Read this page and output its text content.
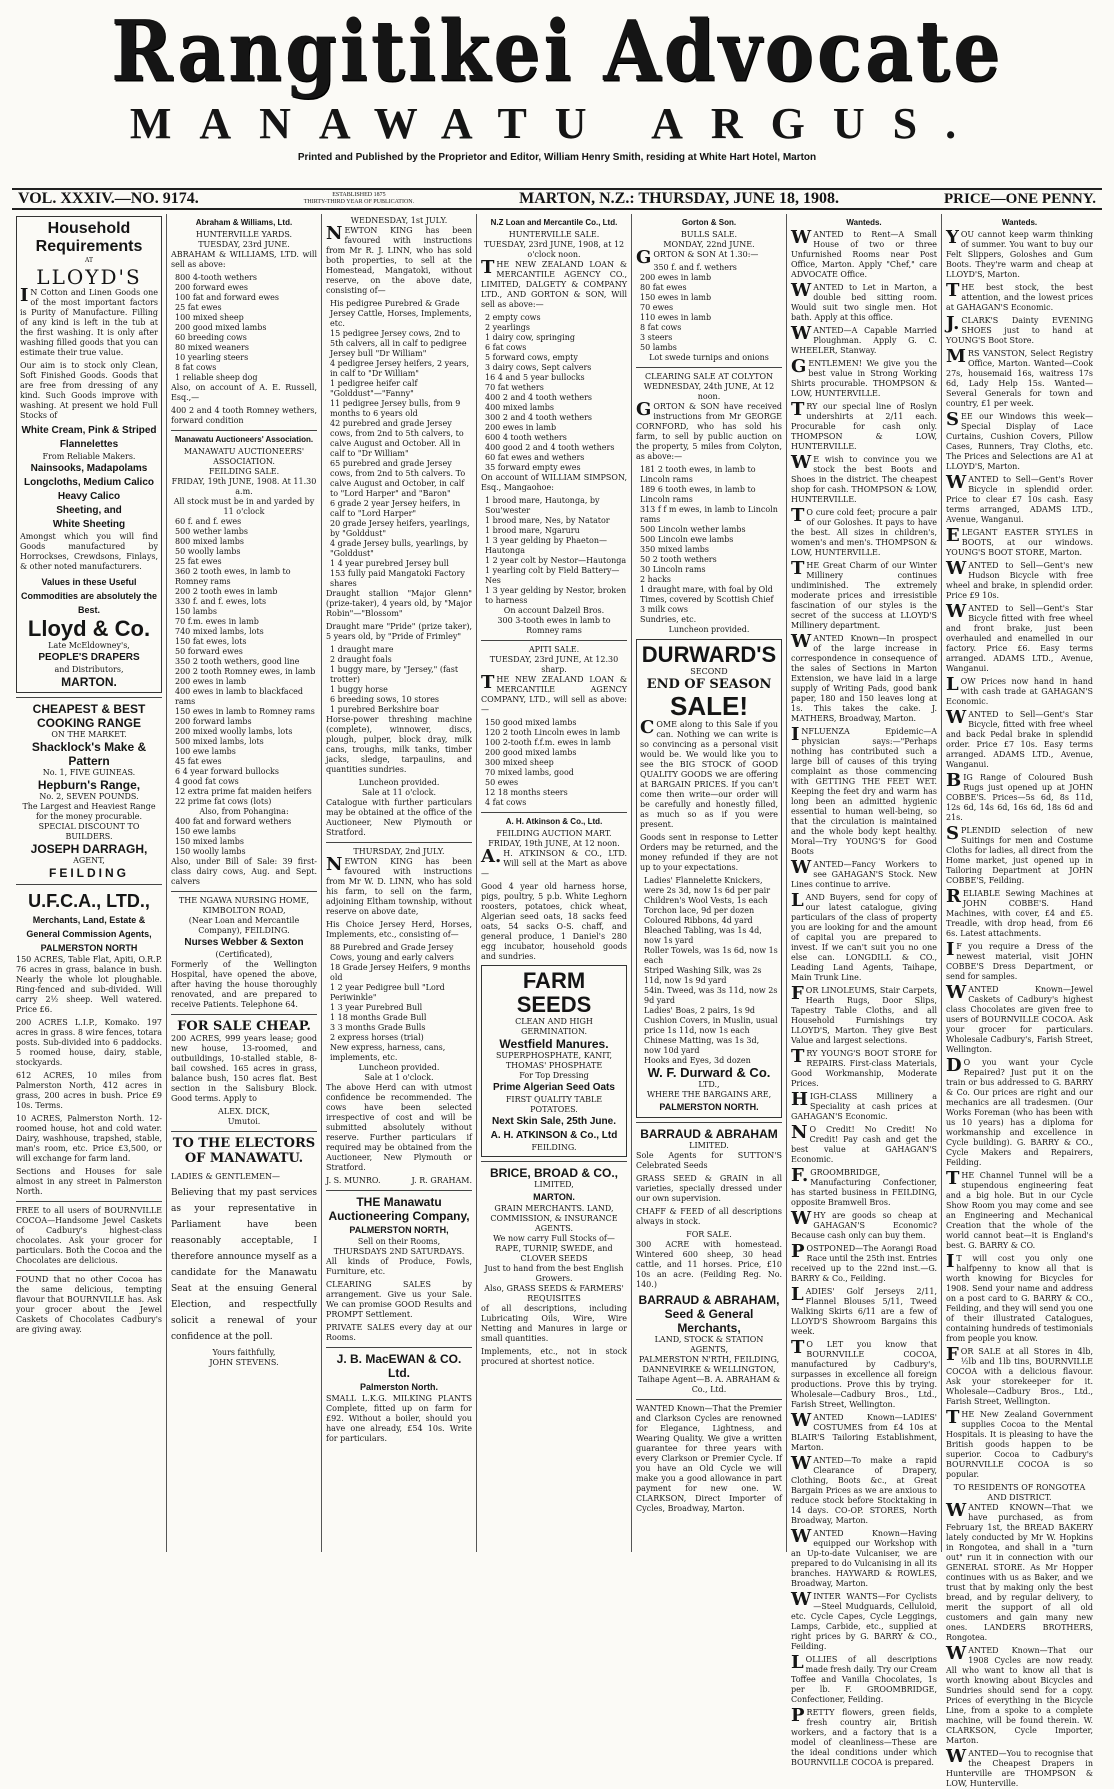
Rangitikei Advocate
MANAWATU ARGUS.
Printed and Published by the Proprietor and Editor, William Henry Smith, residing at White Hart Hotel, Marton
VOL. XXXIV.—NO. 9174.	ESTABLISHED 1875
THIRTY-THIRD YEAR OF PUBLICATION.	MARTON, N.Z.: THURSDAY, JUNE 18, 1908.	PRICE—ONE PENNY.
Household Requirements
AT
LLOYD'S

IN Cotton and Linen Goods one of the most important factors is Purity of Manufacture. Filling of any kind is left in the tub at the first washing. It is only after washing filled goods that you can estimate their true value.

Our aim is to stock only Clean, Soft Finished Goods. Goods that are free from dressing of any kind. Such Goods improve with washing. At present we hold Full Stocks of

White Cream, Pink & Striped Flannelettes
From Reliable Makers.
Nainsooks, Madapolams
Longcloths, Medium Calico
Heavy Calico
Sheeting, and
White Sheeting

Amongst which you will find Goods manufactured by Horrockses, Crewdsons, Finlays, & other noted manufacturers.

Values in these Useful Commodities are absolutely the Best.
Lloyd & Co.
Late McEldowney's,
PEOPLE'S DRAPERS
and Distributors,
MARTON.
CHEAPEST & BEST COOKING RANGE
ON THE MARKET.
Shacklock's Make & Pattern
No. 1, FIVE GUINEAS.
Hepburn's Range,
No. 2, SEVEN POUNDS.
The Largest and Heaviest Range for the money procurable.
SPECIAL DISCOUNT TO BUILDERS.
JOSEPH DARRAGH,
AGENT,
FEILDING
U.F.C.A., LTD.,
Merchants, Land, Estate & General Commission Agents,
PALMERSTON NORTH

150 ACRES, Table Flat, Apiti, O.R.P. 76 acres in grass, balance in bush. Nearly the whole lot ploughable. Ring-fenced and sub-divided. Will carry 2½ sheep. Well watered. Price £6.

200 ACRES L.I.P., Komako. 197 acres in grass. 8 wire fences, totara posts. Sub-divided into 6 paddocks. 5 roomed house, dairy, stable, stockyards.

612 ACRES, 10 miles from Palmerston North, 412 acres in grass, 200 acres in bush. Price £9 10s. Terms.

10 ACRES, Palmerston North. 12-roomed house, hot and cold water. Dairy, washhouse, trapshed, stable, man's room, etc. Price £3,500, or will exchange for farm land.

Sections and Houses for sale almost in any street in Palmerston North.

FREE to all users of BOURNVILLE COCOA—Handsome Jewel Caskets of Cadbury's highest-class chocolates. Ask your grocer for particulars. Both the Cocoa and the Chocolates are delicious.

FOUND that no other Cocoa has the same delicious, tempting flavour that BOURNVILLE has. Ask your grocer about the Jewel Caskets of Chocolates Cadbury's are giving away.

Abraham & Williams, Ltd.
HUNTERVILLE YARDS.
TUESDAY, 23rd JUNE.

ABRAHAM & WILLIAMS, LTD. will sell as above:

800 4-tooth wethers
200 forward ewes
100 fat and forward ewes
25 fat ewes
100 mixed sheep
200 good mixed lambs
60 breeding cows
80 mixed weaners
10 yearling steers
8 fat cows
1 reliable sheep dog

Also, on account of A. E. Russell, Esq.,—

400 2 and 4 tooth Romney wethers, forward condition

Manawatu Auctioneers' Association.
MANAWATU AUCTIONEERS' ASSOCIATION.
FEILDING SALE.
FRIDAY, 19th JUNE, 1908. At 11.30 a.m.
All stock must be in and yarded by 11 o'clock
60 f. and f. ewes
500 wether lambs
800 mixed lambs
50 woolly lambs
25 fat ewes
360 2 tooth ewes, in lamb to Romney rams
200 2 tooth ewes in lamb
330 f. and f. ewes, lots
150 lambs
70 f.m. ewes in lamb
740 mixed lambs, lots
150 fat ewes, lots
50 forward ewes
350 2 tooth wethers, good line
200 2 tooth Romney ewes, in lamb
200 ewes in lamb
400 ewes in lamb to blackfaced rams
150 ewes in lamb to Romney rams
200 forward lambs
200 mixed woolly lambs, lots
500 mixed lambs, lots
100 ewe lambs
45 fat ewes
6 4 year forward bullocks
4 good fat cows
12 extra prime fat maiden heifers
22 prime fat cows (lots)
Also, from Pohangina:
400 fat and forward wethers
150 ewe lambs
150 mixed lambs
150 woolly lambs

Also, under Bill of Sale: 39 first-class dairy cows, Aug. and Sept. calvers

THE NGAWA NURSING HOME, KIMBOLTON ROAD,
(Near Loan and Mercantile Company), FEILDING.
Nurses Webber & Sexton
(Certificated),

Formerly of the Wellington Hospital, have opened the above, after having the house thoroughly renovated, and are prepared to receive Patients. Telephone 64.

FOR SALE CHEAP.

200 ACRES, 999 years lease; good new house, 13-roomed, and outbuildings, 10-stalled stable, 8-bail cowshed. 165 acres in grass, balance bush, 150 acres flat. Best section in the Salisbury Block. Good terms. Apply to

ALEX. DICK,
Umutoi.
TO THE ELECTORS OF MANAWATU.

LADIES & GENTLEMEN—

Believing that my past services as your representative in Parliament have been reasonably acceptable, I therefore announce myself as a candidate for the Manawatu Seat at the ensuing General Election, and respectfully solicit a renewal of your confidence at the poll.

Yours faithfully,
JOHN STEVENS.
WEDNESDAY, 1st JULY.

NEWTON KING has been favoured with instructions from Mr R. J. LINN, who has sold both properties, to sell at the Homestead, Mangatoki, without reserve, on the above date, consisting of—

His pedigree Purebred & Grade Jersey Cattle, Horses, Implements, etc.
15 pedigree Jersey cows, 2nd to 5th calvers, all in calf to pedigree Jersey bull "Dr William"
4 pedigree Jersey heifers, 2 years, in calf to "Dr William"
1 pedigree heifer calf "Golddust"—"Fanny"
11 pedigree Jersey bulls, from 9 months to 6 years old
42 purebred and grade Jersey cows, from 2nd to 5th calvers, to calve August and October. All in calf to "Dr William"
65 purebred and grade Jersey cows, from 2nd to 5th calvers. To calve August and October, in calf to "Lord Harper" and "Baron"
6 grade 2 year Jersey heifers, in calf to "Lord Harper"
20 grade Jersey heifers, yearlings, by "Golddust"
4 grade Jersey bulls, yearlings, by "Golddust"
1 4 year purebred Jersey bull
153 fully paid Mangatoki Factory shares

Draught stallion "Major Glenn" (prize-taker), 4 years old, by "Major Robin"—"Blossom"

Draught mare "Pride" (prize taker), 5 years old, by "Pride of Frimley"

1 draught mare
2 draught foals
1 buggy mare, by "Jersey," (fast trotter)
1 buggy horse
6 breeding sows, 10 stores
1 purebred Berkshire boar

Horse-power threshing machine (complete), winnower, discs, plough, pulper, block dray, milk cans, troughs, milk tanks, timber jacks, sledge, tarpaulins, and quantities sundries.

Luncheon provided.
Sale at 11 o'clock.

Catalogue with further particulars may be obtained at the office of the Auctioneer, New Plymouth or Stratford.

THURSDAY, 2nd JULY.

NEWTON KING has been favoured with instructions from Mr W. D. LINN, who has sold his farm, to sell on the farm, adjoining Eltham township, without reserve on above date,

His Choice Jersey Herd, Horses, Implements, etc., consisting of—

88 Purebred and Grade Jersey Cows, young and early calvers
18 Grade Jersey Heifers, 9 months old
1 2 year Pedigree bull "Lord Periwinkle"
1 3 year Purebred Bull
1 18 months Grade Bull
3 3 months Grade Bulls
2 express horses (trial)
New express, harness, cans, implements, etc.
Luncheon provided.
Sale at 1 o'clock.

The above Herd can with utmost confidence be recommended. The cows have been selected irrespective of cost and will be submitted absolutely without reserve. Further particulars if required may be obtained from the Auctioneer, New Plymouth or Stratford.

J. S. MUNRO.	J. R. GRAHAM.
THE Manawatu Auctioneering Company,
PALMERSTON NORTH,
Sell on their Rooms,
THURSDAYS 2ND SATURDAYS.

All kinds of Produce, Fowls, Furniture, etc.

CLEARING SALES by arrangement. Give us your Sale. We can promise GOOD Results and PROMPT Settlement.

PRIVATE SALES every day at our Rooms.

J. B. MacEWAN & CO. Ltd.
Palmerston North.

SMALL L.K.G. MILKING PLANTS Complete, fitted up on farm for £92. Without a boiler, should you have one already, £54 10s. Write for particulars.

N.Z Loan and Mercantile Co., Ltd.
HUNTERVILLE SALE.
TUESDAY, 23rd JUNE, 1908, at 12 o'clock noon.

THE NEW ZEALAND LOAN & MERCANTILE AGENCY CO., LIMITED, DALGETY & COMPANY LTD., AND GORTON & SON, Will sell as above:—

2 empty cows
2 yearlings
1 dairy cow, springing
6 fat cows
5 forward cows, empty
3 dairy cows, Sept calvers
16 4 and 5 year bullocks
70 fat wethers
400 2 and 4 tooth wethers
400 mixed lambs
300 2 and 4 tooth wethers
200 ewes in lamb
600 4 tooth wethers
400 good 2 and 4 tooth wethers
60 fat ewes and wethers
35 forward empty ewes

On account of WILLIAM SIMPSON, Esq., Mangaohoe:

1 brood mare, Hautonga, by Sou'wester
1 brood mare, Nes, by Natator
1 brood mare, Ngaruru
1 3 year gelding by Phaeton—Hautonga
1 2 year colt by Nestor—Hautonga
1 yearling colt by Field Battery—Nes
1 3 year gelding by Nestor, broken to harness
On account Dalzeil Bros.
300 3-tooth ewes in lamb to Romney rams
APITI SALE.
TUESDAY, 23rd JUNE, At 12.30 sharp.

THE NEW ZEALAND LOAN & MERCANTILE AGENCY COMPANY, LTD., will sell as above:—

150 good mixed lambs
120 2 tooth Lincoln ewes in lamb
100 2-tooth f.f.m. ewes in lamb
200 good mixed lambs
300 mixed sheep
70 mixed lambs, good
50 ewes
12 18 months steers
4 fat cows
A. H. Atkinson & Co., Ltd.
FEILDING AUCTION MART.
FRIDAY, 19th JUNE, At 12 noon.

A.H. ATKINSON & CO., LTD. Will sell at the Mart as above—

Good 4 year old harness horse, pigs, poultry, 5 p.b. White Leghorn roosters, potatoes, chick wheat, Algerian seed oats, 18 sacks feed oats, 54 sacks O-S. chaff, and general produce, 1 Daniel's 280 egg incubator, household goods and sundries.

FARM SEEDS
CLEAN AND HIGH GERMINATION.
Westfield Manures.
SUPERPHOSPHATE, KANIT, THOMAS' PHOSPHATE
For Top Dressing
Prime Algerian Seed Oats
FIRST QUALITY TABLE POTATOES.
Next Skin Sale, 25th June.
A. H. ATKINSON & Co., Ltd
FEILDING.
BRICE, BROAD & CO.,
LIMITED,
MARTON.
GRAIN MERCHANTS. LAND, COMMISSION, & INSURANCE AGENTS.
We now carry Full Stocks of—
RAPE, TURNIP, SWEDE, and CLOVER SEEDS
Just to hand from the best English Growers.
Also, GRASS SEEDS & FARMERS' REQUISITES

of all descriptions, including Lubricating Oils, Wire, Wire Netting and Manures in large or small quantities.

Implements, etc., not in stock procured at shortest notice.

Gorton & Son.
BULLS SALE.
MONDAY, 22nd JUNE.

GORTON & SON At 1.30:—

350 f. and f. wethers
200 ewes in lamb
80 fat ewes
150 ewes in lamb
70 ewes
110 ewes in lamb
8 fat cows
3 steers
50 lambs
Lot swede turnips and onions
CLEARING SALE AT COLYTON
WEDNESDAY, 24th JUNE, At 12 noon.

GORTON & SON have received instructions from Mr GEORGE CORNFORD, who has sold his farm, to sell by public auction on the property, 5 miles from Colyton, as above:—

181 2 tooth ewes, in lamb to Lincoln rams
189 6 tooth ewes, in lamb to Lincoln rams
313 f f m ewes, in lamb to Lincoln rams
500 Lincoln wether lambs
500 Lincoln ewe lambs
350 mixed lambs
50 2 tooth wethers
30 Lincoln rams
2 hacks
1 draught mare, with foal by Old Times, covered by Scottish Chief
3 milk cows
Sundries, etc.
Luncheon provided.
DURWARD'S
SECOND
END OF SEASON
SALE!

COME along to this Sale if you can. Nothing we can write is so convincing as a personal visit would be. We would like you to see the BIG STOCK of GOOD QUALITY GOODS we are offering at BARGAIN PRICES. If you can't come then write—our order will be carefully and honestly filled, as much so as if you were present.

Goods sent in response to Letter Orders may be returned, and the money refunded if they are not up to your expectations.

Ladies' Flannelette Knickers, were 2s 3d, now 1s 6d per pair
Children's Wool Vests, 1s each
Torchon lace, 9d per dozen
Coloured Ribbons, 4d yard
Bleached Tabling, was 1s 4d, now 1s yard
Roller Towels, was 1s 6d, now 1s each
Striped Washing Silk, was 2s 11d, now 1s 9d yard
54in. Tweed, was 3s 11d, now 2s 9d yard
Ladies' Boas, 2 pairs, 1s 9d
Cushion Covers, in Muslin, usual price 1s 11d, now 1s each
Chinese Matting, was 1s 3d, now 10d yard
Hooks and Eyes, 3d dozen
W. F. Durward & Co.
LTD.,
WHERE THE BARGAINS ARE,
PALMERSTON NORTH.
BARRAUD & ABRAHAM
LIMITED.

Sole Agents for SUTTON'S Celebrated Seeds

GRASS SEED & GRAIN in all varieties, specially dressed under our own supervision.

CHAFF & FEED of all descriptions always in stock.

FOR SALE.

300 ACRE with homestead. Wintered 600 sheep, 30 head cattle, and 11 horses. Price, £10 10s an acre. (Feilding Reg. No. 140.)

BARRAUD & ABRAHAM,
Seed & General Merchants,
LAND, STOCK & STATION AGENTS,
PALMERSTON N'RTH, FEILDING, DANNEVIRKE & WELLINGTON,
Taihape Agent—B. A. ABRAHAM & Co., Ltd.

WANTED Known—That the Premier and Clarkson Cycles are renowned for Elegance, Lightness, and Wearing Quality. We give a written guarantee for three years with every Clarkson or Premier Cycle. If you have an Old Cycle we will make you a good allowance in part payment for new one. W. CLARKSON, Direct Importer of Cycles, Broadway, Marton.

Wanteds.

WANTED to Rent—A Small House of two or three Unfurnished Rooms near Post Office, Marton. Apply "Chef," care ADVOCATE Office.

WANTED to Let in Marton, a double bed sitting room. Would suit two single men. Hot bath. Apply at this office.

WANTED—A Capable Married Ploughman. Apply G. C. WHEELER, Stanway.

GENTLEMEN! We give you the best value in Strong Working Shirts procurable. THOMPSON & LOW, HUNTERVILLE.

TRY our special line of Roslyn undershirts at 2/11 each. Procurable for cash only. THOMPSON & LOW, HUNTERVILLE.

WE wish to convince you we stock the best Boots and Shoes in the district. The cheapest shop for cash. THOMPSON & LOW, HUNTERVILLE.

TO cure cold feet; procure a pair of our Goloshes. It pays to have the best. All sizes in children's, women's and men's. THOMPSON & LOW, HUNTERVILLE.

THE Great Charm of our Winter Millinery continues undiminished. The extremely moderate prices and irresistible fascination of our styles is the secret of the success at LLOYD'S Millinery department.

WANTED Known—In prospect of the large increase in correspondence in consequence of the sales of Sections in Marton Extension, we have laid in a large supply of Writing Pads, good bank paper, 180 and 150 leaves long at 1s. This takes the cake. J. MATHERS, Broadway, Marton.

INFLUENZA Epidemic—A physician says:—"Perhaps nothing has contributed such a large bill of causes of this trying complaint as those commencing with GETTING THE FEET WET. Keeping the feet dry and warm has long been an admitted hygienic essential to human well-being, so that the circulation is maintained and the whole body kept healthy. Moral—Try YOUNG'S for Good Boots

WANTED—Fancy Workers to see GAHAGAN'S Stock. New Lines continue to arrive.

LAND Buyers, send for copy of our latest catalogue, giving particulars of the class of property you are looking for and the amount of capital you are prepared to invest. If we can't suit you no one else can. LONGDILL & CO., Leading Land Agents, Taihape, Main Trunk Line.

FOR LINOLEUMS, Stair Carpets, Hearth Rugs, Door Slips, Tapestry Table Cloths, and all Household Furnishings try LLOYD'S, Marton. They give Best Value and largest selections.

TRY YOUNG'S BOOT STORE for REPAIRS. First-class Materials, Good Workmanship, Moderate Prices.

HIGH-CLASS Millinery a Speciality at cash prices at GAHAGAN'S Economic.

NO Credit! No Credit! No Credit! Pay cash and get the best value at GAHAGAN'S Economic.

F.GROOMBRIDGE, Manufacturing Confectioner, has started business in FEILDING, opposite Bramwell Bros.

WHY are goods so cheap at GAHAGAN'S Economic? Because cash only can buy them.

POSTPONED—The Aorangi Road Race until the 25th inst. Entries received up to the 22nd inst.—G. BARRY & Co., Feilding.

LADIES' Golf Jerseys 2/11, Flannel Blouses 5/11, Tweed Walking Skirts 6/11 are a few of LLOYD'S Showroom Bargains this week.

TO LET you know that BOURNVILLE COCOA, manufactured by Cadbury's, surpasses in excellence all foreign productions. Prove this by trying. Wholesale—Cadbury Bros., Ltd., Farish Street, Wellington.

WANTED Known—LADIES' COSTUMES from £4 10s at BLAIR'S Tailoring Establishment, Marton.

WANTED—To make a rapid Clearance of Drapery, Clothing, Boots &c., at Great Bargain Prices as we are anxious to reduce stock before Stocktaking in 14 days. CO-OP. STORES, North Broadway, Marton.

WANTED Known—Having equipped our Workshop with an Up-to-date Vulcaniser, we are prepared to do Vulcanising in all its branches. HAYWARD & ROWLES, Broadway, Marton.

WINTER WANTS—For Cyclists—Steel Mudguards, Celluloid, etc. Cycle Capes, Cycle Leggings, Lamps, Carbide, etc., supplied at right prices by G. BARRY & CO., Feilding.

LOLLIES of all descriptions made fresh daily. Try our Cream Toffee and Vanilla Chocolates, 1s per lb. F. GROOMBRIDGE, Confectioner, Feilding.

PRETTY flowers, green fields, fresh country air, British workers, and a factory that is a model of cleanliness—These are the ideal conditions under which BOURNVILLE COCOA is prepared.

Wanteds.

YOU cannot keep warm thinking of summer. You want to buy our Felt Slippers, Goloshes and Gum Boots. They're warm and cheap at LLOYD'S, Marton.

THE best stock, the best attention, and the lowest prices at GAHAGAN'S Economic.

J.CLARK'S Dainty EVENING SHOES just to hand at YOUNG'S Boot Store.

MRS VANSTON, Select Registry Office, Marton. Wanted—Cook 27s, housemaid 16s, waitress 17s 6d, Lady Help 15s. Wanted—Several Generals for town and country, £1 per week.

SEE our Windows this week—Special Display of Lace Curtains, Cushion Covers, Pillow Cases, Runners, Tray Cloths, etc. The Prices and Selections are A1 at LLOYD'S, Marton.

WANTED to Sell—Gent's Rover Bicycle in splendid order. Price to clear £7 10s cash. Easy terms arranged, ADAMS LTD., Avenue, Wanganui.

ELEGANT EASTER STYLES in BOOTS, at our windows. YOUNG'S BOOT STORE, Marton.

WANTED to Sell—Gent's new Hudson Bicycle with free wheel and brake, in splendid order. Price £9 10s.

WANTED to Sell—Gent's Star Bicycle fitted with free wheel and front brake, just been overhauled and enamelled in our factory. Price £6. Easy terms arranged. ADAMS LTD., Avenue, Wanganui.

LOW Prices now hand in hand with cash trade at GAHAGAN'S Economic.

WANTED to Sell—Gent's Star Bicycle, fitted with free wheel and back Pedal brake in splendid order. Price £7 10s. Easy terms arranged. ADAMS LTD., Avenue, Wanganui.

BIG Range of Coloured Bush Rugs just opened up at JOHN COBBE'S. Prices—5s 6d, 8s 11d, 12s 6d, 14s 6d, 16s 6d, 18s 6d and 21s.

SPLENDID selection of new Suitings for men and Costume Cloths for ladies, all direct from the Home market, just opened up in Tailoring Department at JOHN COBBE'S, Feilding.

RELIABLE Sewing Machines at JOHN COBBE'S. Hand Machines, with cover, £4 and £5. Treadle, with drop head, from £6 6s. Latest attachments.

IF you require a Dress of the newest material, visit JOHN COBBE'S Dress Department, or send for samples.

WANTED Known—Jewel Caskets of Cadbury's highest class Chocolates are given free to users of BOURNVILLE COCOA. Ask your grocer for particulars. Wholesale Cadbury's, Farish Street, Wellington.

DO you want your Cycle Repaired? Just put it on the train or bus addressed to G. BARRY & Co. Our prices are right and our mechanics are all tradesmen. (Our Works Foreman (who has been with us 10 years) has a diploma for workmanship and excellence in Cycle building). G. BARRY & CO., Cycle Makers and Repairers, Feilding.

THE Channel Tunnel will be a stupendous engineering feat and a big hole. But in our Cycle Show Room you may come and see an Engineering and Mechanical Creation that the whole of the world cannot beat—it is England's best. G. BARRY & CO.

IT will cost you only one halfpenny to know all that is worth knowing for Bicycles for 1908. Send your name and address on a post card to G. BARRY & CO., Feilding, and they will send you one of their illustrated Catalogues, containing hundreds of testimonials from people you know.

FOR SALE at all Stores in 4lb, ½lb and 1lb tins, BOURNVILLE COCOA with a delicious flavour. Ask your storekeeper for it. Wholesale—Cadbury Bros., Ltd., Farish Street, Wellington.

THE New Zealand Government supplies Cocoa to the Mental Hospitals. It is pleasing to have the British goods happen to be superior. Cocoa to Cadbury's BOURNVILLE COCOA is so popular.

TO RESIDENTS OF RONGOTEA AND DISTRICT.

WANTED KNOWN—That we have purchased, as from February 1st, the BREAD BAKERY lately conducted by Mr W. Hopkins in Rongotea, and shall in a "turn out" run it in connection with our GENERAL STORE. As Mr Hopper continues with us as Baker, and we trust that by making only the best bread, and by regular delivery, to merit the support of all old customers and gain many new ones. LANDERS BROTHERS, Rongotea.

WANTED Known—That our 1908 Cycles are now ready. All who want to know all that is worth knowing about Bicycles and Sundries should send for a copy. Prices of everything in the Bicycle Line, from a spoke to a complete machine, will be found therein. W. CLARKSON, Cycle Importer, Marton.

WANTED—You to recognise that the Cheapest Drapers in Hunterville are THOMPSON & LOW, Hunterville.
